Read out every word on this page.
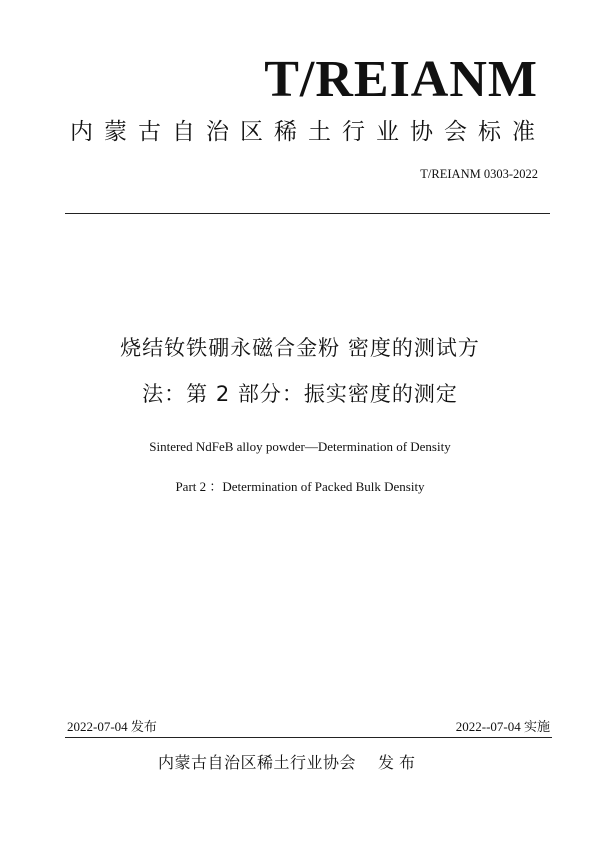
T/REIANM
内蒙古自治区稀土行业协会标准
T/REIANM 0303-2022
烧结钕铁硼永磁合金粉 密度的测试方
法：第 2 部分：振实密度的测定
Sintered NdFeB alloy powder—Determination of Density
Part 2 ：Determination of Packed Bulk Density
2022-07-04 发布	2022--07-04 实施
内蒙古自治区稀土行业协会 发布
